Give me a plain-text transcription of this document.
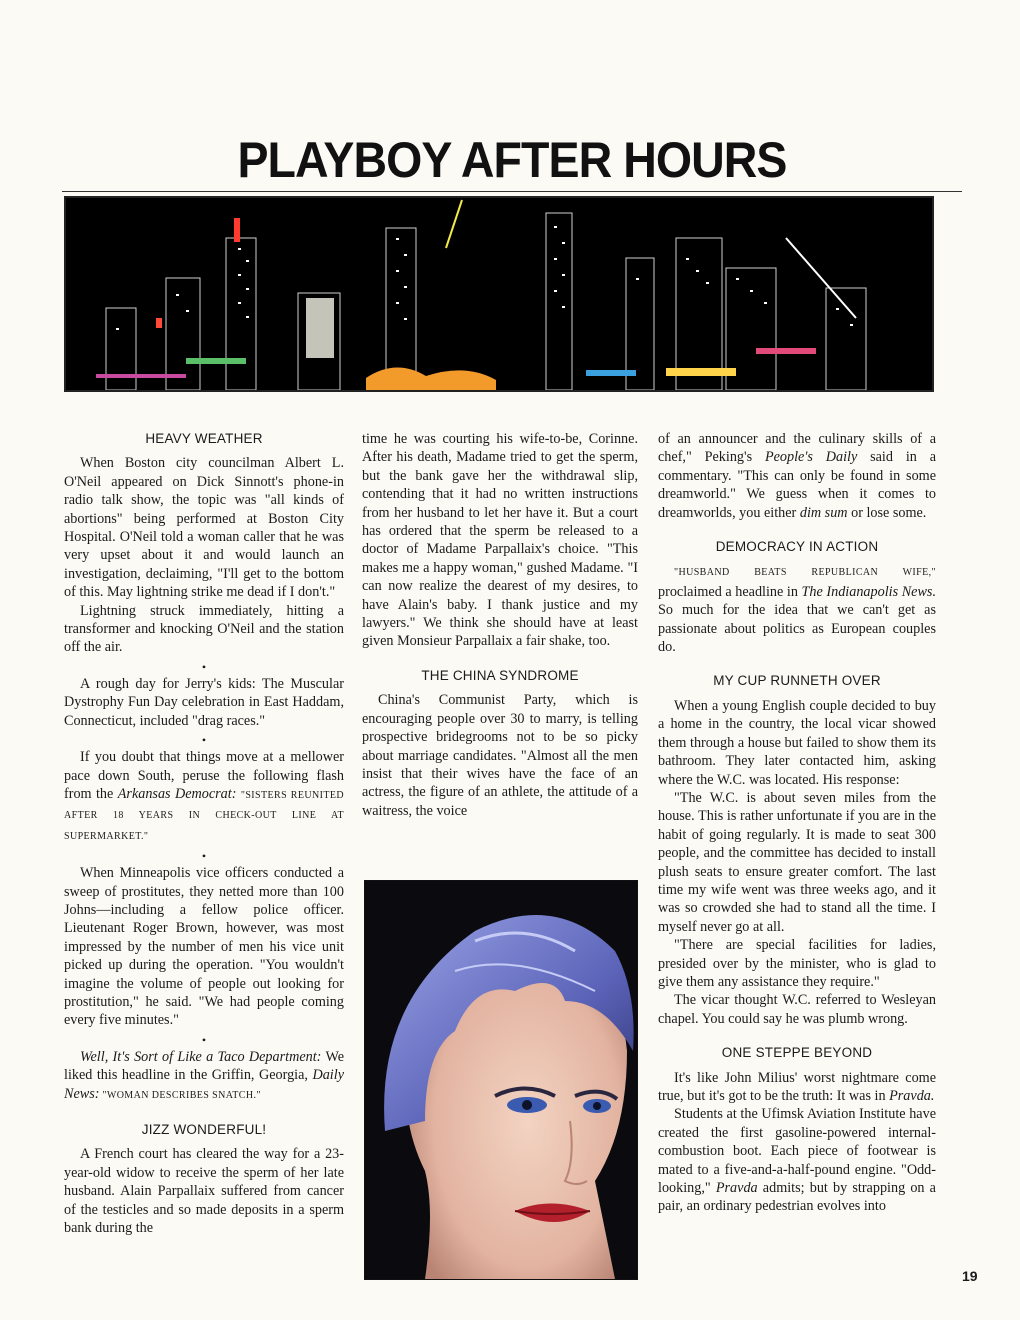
PLAYBOY AFTER HOURS
HEAVY WEATHER

When Boston city councilman Albert L. O'Neil appeared on Dick Sinnott's phone-in radio talk show, the topic was "all kinds of abortions" being performed at Boston City Hospital. O'Neil told a woman caller that he was very upset about it and would launch an investigation, declaiming, "I'll get to the bottom of this. May lightning strike me dead if I don't."

Lightning struck immediately, hitting a transformer and knocking O'Neil and the station off the air.

•

A rough day for Jerry's kids: The Muscular Dystrophy Fun Day celebration in East Haddam, Connecticut, included "drag races."

•

If you doubt that things move at a mellower pace down South, peruse the following flash from the Arkansas Democrat: "SISTERS REUNITED AFTER 18 YEARS IN CHECK-OUT LINE AT SUPERMARKET."

•

When Minneapolis vice officers conducted a sweep of prostitutes, they netted more than 100 Johns—including a fellow police officer. Lieutenant Roger Brown, however, was most impressed by the number of men his vice unit picked up during the operation. "You wouldn't imagine the volume of people out looking for prostitution," he said. "We had people coming every five minutes."

•

Well, It's Sort of Like a Taco Department: We liked this headline in the Griffin, Georgia, Daily News: "WOMAN DESCRIBES SNATCH."

JIZZ WONDERFUL!

A French court has cleared the way for a 23-year-old widow to receive the sperm of her late husband. Alain Parpallaix suffered from cancer of the testicles and so made deposits in a sperm bank during the

time he was courting his wife-to-be, Corinne. After his death, Madame tried to get the sperm, but the bank gave her the withdrawal slip, contending that it had no written instructions from her husband to let her have it. But a court has ordered that the sperm be released to a doctor of Madame Parpallaix's choice. "This makes me a happy woman," gushed Madame. "I can now realize the dearest of my desires, to have Alain's baby. I thank justice and my lawyers." We think she should have at least given Monsieur Parpallaix a fair shake, too.

THE CHINA SYNDROME

China's Communist Party, which is encouraging people over 30 to marry, is telling prospective bridegrooms not to be so picky about marriage candidates. "Almost all the men insist that their wives have the face of an actress, the figure of an athlete, the attitude of a waitress, the voice

of an announcer and the culinary skills of a chef," Peking's People's Daily said in a commentary. "This can only be found in some dreamworld." We guess when it comes to dreamworlds, you either dim sum or lose some.

DEMOCRACY IN ACTION

"HUSBAND BEATS REPUBLICAN WIFE," proclaimed a headline in The Indianapolis News. So much for the idea that we can't get as passionate about politics as European couples do.

MY CUP RUNNETH OVER

When a young English couple decided to buy a home in the country, the local vicar showed them through a house but failed to show them its bathroom. They later contacted him, asking where the W.C. was located. His response:

"The W.C. is about seven miles from the house. This is rather unfortunate if you are in the habit of going regularly. It is made to seat 300 people, and the committee has decided to install plush seats to ensure greater comfort. The last time my wife went was three weeks ago, and it was so crowded she had to stand all the time. I myself never go at all.

"There are special facilities for ladies, presided over by the minister, who is glad to give them any assistance they require."

The vicar thought W.C. referred to Wesleyan chapel. You could say he was plumb wrong.

ONE STEPPE BEYOND

It's like John Milius' worst nightmare come true, but it's got to be the truth: It was in Pravda.

Students at the Ufimsk Aviation Institute have created the first gasoline-powered internal-combustion boot. Each piece of footwear is mated to a five-and-a-half-pound engine. "Odd-looking," Pravda admits; but by strapping on a pair, an ordinary pedestrian evolves into

19
